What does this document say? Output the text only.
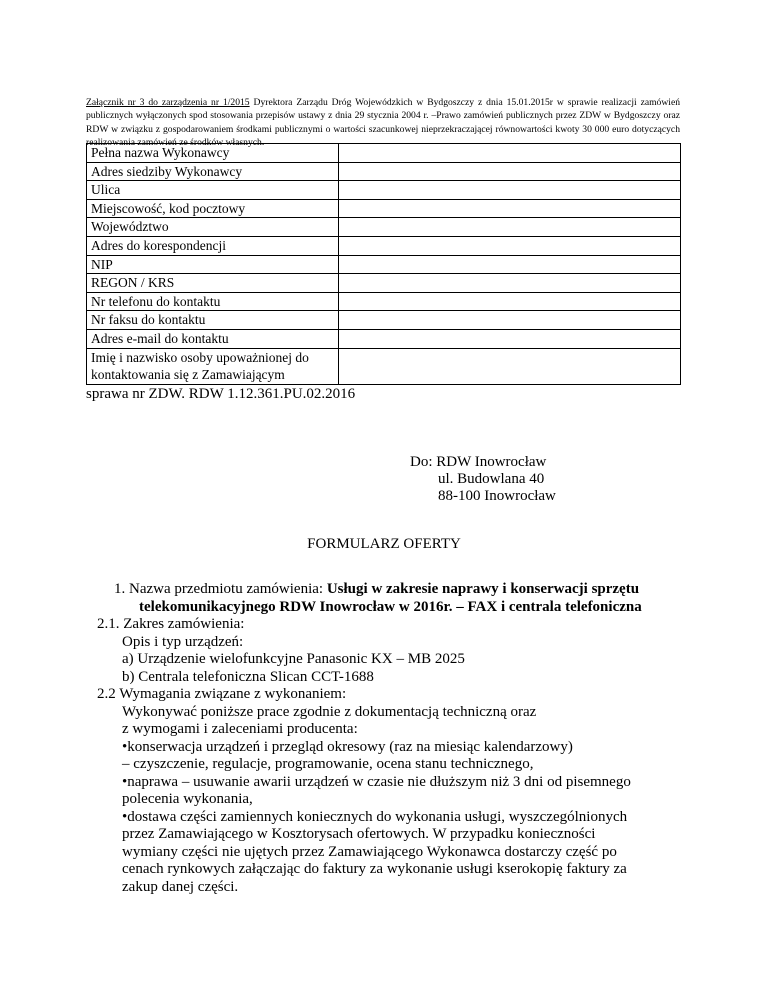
Załącznik nr 3 do zarządzenia nr 1/2015 Dyrektora Zarządu Dróg Wojewódzkich w Bydgoszczy z dnia 15.01.2015r w sprawie realizacji zamówień publicznych wyłączonych spod stosowania przepisów ustawy z dnia 29 stycznia 2004 r. –Prawo zamówień publicznych przez ZDW w Bydgoszczy oraz RDW w związku z gospodarowaniem środkami publicznymi o wartości szacunkowej nieprzekraczającej równowartości kwoty 30 000 euro dotyczących realizowania zamówień ze środków własnych.
Pełna nazwa Wykonawcy	
Adres siedziby Wykonawcy	
Ulica	
Miejscowość, kod pocztowy	
Województwo	
Adres do korespondencji	
NIP	
REGON / KRS	
Nr telefonu do kontaktu	
Nr faksu do kontaktu	
Adres e-mail do kontaktu	
Imię i nazwisko osoby upoważnionej do kontaktowania się z Zamawiającym	
sprawa nr ZDW. RDW 1.12.361.PU.02.2016
Do: RDW Inowrocław
ul. Budowlana 40
88-100 Inowrocław
FORMULARZ OFERTY

1. Nazwa przedmiotu zamówienia: Usługi w zakresie naprawy i konserwacji sprzętu

telekomunikacyjnego RDW Inowrocław w 2016r. – FAX i centrala telefoniczna

2.1. Zakres zamówienia:

Opis i typ urządzeń:

a) Urządzenie wielofunkcyjne Panasonic KX – MB 2025

b) Centrala telefoniczna Slican CCT-1688

2.2 Wymagania związane z wykonaniem:

Wykonywać poniższe prace zgodnie z dokumentacją techniczną oraz

z wymogami i zaleceniami producenta:

•konserwacja urządzeń i przegląd okresowy (raz na miesiąc kalendarzowy)

– czyszczenie, regulacje, programowanie, ocena stanu technicznego,

•naprawa – usuwanie awarii urządzeń w czasie nie dłuższym niż 3 dni od pisemnego

polecenia wykonania,

•dostawa części zamiennych koniecznych do wykonania usługi, wyszczególnionych

przez Zamawiającego w Kosztorysach ofertowych. W przypadku konieczności

wymiany części nie ujętych przez Zamawiającego Wykonawca dostarczy część po

cenach rynkowych załączając do faktury za wykonanie usługi kserokopię faktury za

zakup danej części.
